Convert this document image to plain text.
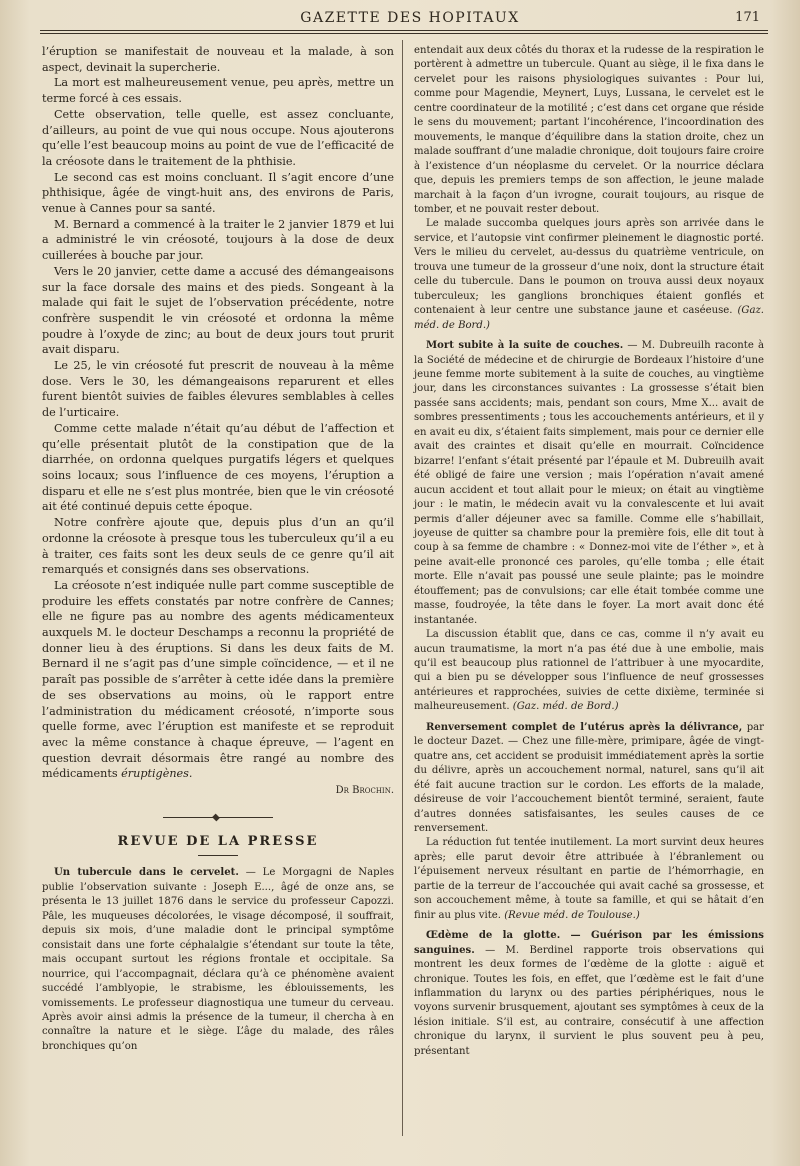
GAZETTE DES HOPITAUX	171

l’éruption se manifestait de nouveau et la malade, à son aspect, devinait la supercherie.

La mort est malheureusement venue, peu après, mettre un terme forcé à ces essais.

Cette observation, telle quelle, est assez concluante, d’ailleurs, au point de vue qui nous occupe. Nous ajouterons qu’elle l’est beaucoup moins au point de vue de l’efficacité de la créosote dans le traitement de la phthisie.

Le second cas est moins concluant. Il s’agit encore d’une phthisique, âgée de vingt-huit ans, des environs de Paris, venue à Cannes pour sa santé.

M. Bernard a commencé à la traiter le 2 janvier 1879 et lui a administré le vin créosoté, toujours à la dose de deux cuillerées à bouche par jour.

Vers le 20 janvier, cette dame a accusé des démangeaisons sur la face dorsale des mains et des pieds. Songeant à la malade qui fait le sujet de l’observation précédente, notre confrère suspendit le vin créosoté et ordonna la même poudre à l’oxyde de zinc; au bout de deux jours tout prurit avait disparu.

Le 25, le vin créosoté fut prescrit de nouveau à la même dose. Vers le 30, les démangeaisons reparurent et elles furent bientôt suivies de faibles élevures semblables à celles de l’urticaire.

Comme cette malade n’était qu’au début de l’affection et qu’elle présentait plutôt de la constipation que de la diarrhée, on ordonna quelques purgatifs légers et quelques soins locaux; sous l’influence de ces moyens, l’éruption a disparu et elle ne s’est plus montrée, bien que le vin créosoté ait été continué depuis cette époque.

Notre confrère ajoute que, depuis plus d’un an qu’il ordonne la créosote à presque tous les tuberculeux qu’il a eu à traiter, ces faits sont les deux seuls de ce genre qu’il ait remarqués et consignés dans ses observations.

La créosote n’est indiquée nulle part comme susceptible de produire les effets constatés par notre confrère de Cannes; elle ne figure pas au nombre des agents médicamenteux auxquels M. le docteur Deschamps a reconnu la propriété de donner lieu à des éruptions. Si dans les deux faits de M. Bernard il ne s’agit pas d’une simple coïncidence, — et il ne paraît pas possible de s’arrêter à cette idée dans la première de ses observations au moins, où le rapport entre l’administration du médicament créosoté, n’importe sous quelle forme, avec l’éruption est manifeste et se reproduit avec la même constance à chaque épreuve, — l’agent en question devrait désormais être rangé au nombre des médicaments éruptigènes.

Dr Brochin.
REVUE DE LA PRESSE

Un tubercule dans le cervelet. — Le Morgagni de Naples publie l’observation suivante : Joseph E..., âgé de onze ans, se présenta le 13 juillet 1876 dans le service du professeur Capozzi. Pâle, les muqueuses décolorées, le visage décomposé, il souffrait, depuis six mois, d’une maladie dont le principal symptôme consistait dans une forte céphalalgie s’étendant sur toute la tête, mais occupant surtout les régions frontale et occipitale. Sa nourrice, qui l’accompagnait, déclara qu’à ce phénomène avaient succédé l’amblyopie, le strabisme, les éblouissements, les vomissements. Le professeur diagnostiqua une tumeur du cerveau. Après avoir ainsi admis la présence de la tumeur, il chercha à en connaître la nature et le siège. L’âge du malade, des râles bronchiques qu’on

entendait aux deux côtés du thorax et la rudesse de la respiration le portèrent à admettre un tubercule. Quant au siège, il le fixa dans le cervelet pour les raisons physiologiques suivantes : Pour lui, comme pour Magendie, Meynert, Luys, Lussana, le cervelet est le centre coordinateur de la motilité ; c’est dans cet organe que réside le sens du mouvement; partant l’incohérence, l’incoordination des mouvements, le manque d’équilibre dans la station droite, chez un malade souffrant d’une maladie chronique, doit toujours faire croire à l’existence d’un néoplasme du cervelet. Or la nourrice déclara que, depuis les premiers temps de son affection, le jeune malade marchait à la façon d’un ivrogne, courait toujours, au risque de tomber, et ne pouvait rester debout.

Le malade succomba quelques jours après son arrivée dans le service, et l’autopsie vint confirmer pleinement le diagnostic porté. Vers le milieu du cervelet, au-dessus du quatrième ventricule, on trouva une tumeur de la grosseur d’une noix, dont la structure était celle du tubercule. Dans le poumon on trouva aussi deux noyaux tuberculeux; les ganglions bronchiques étaient gonflés et contenaient à leur centre une substance jaune et caséeuse. (Gaz. méd. de Bord.)

Mort subite à la suite de couches. — M. Dubreuilh raconte à la Société de médecine et de chirurgie de Bordeaux l’histoire d’une jeune femme morte subitement à la suite de couches, au vingtième jour, dans les circonstances suivantes : La grossesse s’était bien passée sans accidents; mais, pendant son cours, Mme X... avait de sombres pressentiments ; tous les accouchements antérieurs, et il y en avait eu dix, s’étaient faits simplement, mais pour ce dernier elle avait des craintes et disait qu’elle en mourrait. Coïncidence bizarre! l’enfant s’était présenté par l’épaule et M. Dubreuilh avait été obligé de faire une version ; mais l’opération n’avait amené aucun accident et tout allait pour le mieux; on était au vingtième jour : le matin, le médecin avait vu la convalescente et lui avait permis d’aller déjeuner avec sa famille. Comme elle s’habillait, joyeuse de quitter sa chambre pour la première fois, elle dit tout à coup à sa femme de chambre : « Donnez-moi vite de l’éther », et à peine avait-elle prononcé ces paroles, qu’elle tomba ; elle était morte. Elle n’avait pas poussé une seule plainte; pas le moindre étouffement; pas de convulsions; car elle était tombée comme une masse, foudroyée, la tête dans le foyer. La mort avait donc été instantanée.

La discussion établit que, dans ce cas, comme il n’y avait eu aucun traumatisme, la mort n’a pas été due à une embolie, mais qu’il est beaucoup plus rationnel de l’attribuer à une myocardite, qui a bien pu se développer sous l’influence de neuf grossesses antérieures et rapprochées, suivies de cette dixième, terminée si malheureusement. (Gaz. méd. de Bord.)

Renversement complet de l’utérus après la délivrance, par le docteur Dazet. — Chez une fille-mère, primipare, âgée de vingt-quatre ans, cet accident se produisit immédiatement après la sortie du délivre, après un accouchement normal, naturel, sans qu’il ait été fait aucune traction sur le cordon. Les efforts de la malade, désireuse de voir l’accouchement bientôt terminé, seraient, faute d’autres données satisfaisantes, les seules causes de ce renversement.

La réduction fut tentée inutilement. La mort survint deux heures après; elle parut devoir être attribuée à l’ébranlement ou l’épuisement nerveux résultant en partie de l’hémorrhagie, en partie de la terreur de l’accouchée qui avait caché sa grossesse, et son accouchement même, à toute sa famille, et qui se hâtait d’en finir au plus vite. (Revue méd. de Toulouse.)

Œdème de la glotte. — Guérison par les émissions sanguines. — M. Berdinel rapporte trois observations qui montrent les deux formes de l’œdème de la glotte : aiguë et chronique. Toutes les fois, en effet, que l’œdème est le fait d’une inflammation du larynx ou des parties périphériques, nous le voyons survenir brusquement, ajoutant ses symptômes à ceux de la lésion initiale. S’il est, au contraire, consécutif à une affection chronique du larynx, il survient le plus souvent peu à peu, présentant
